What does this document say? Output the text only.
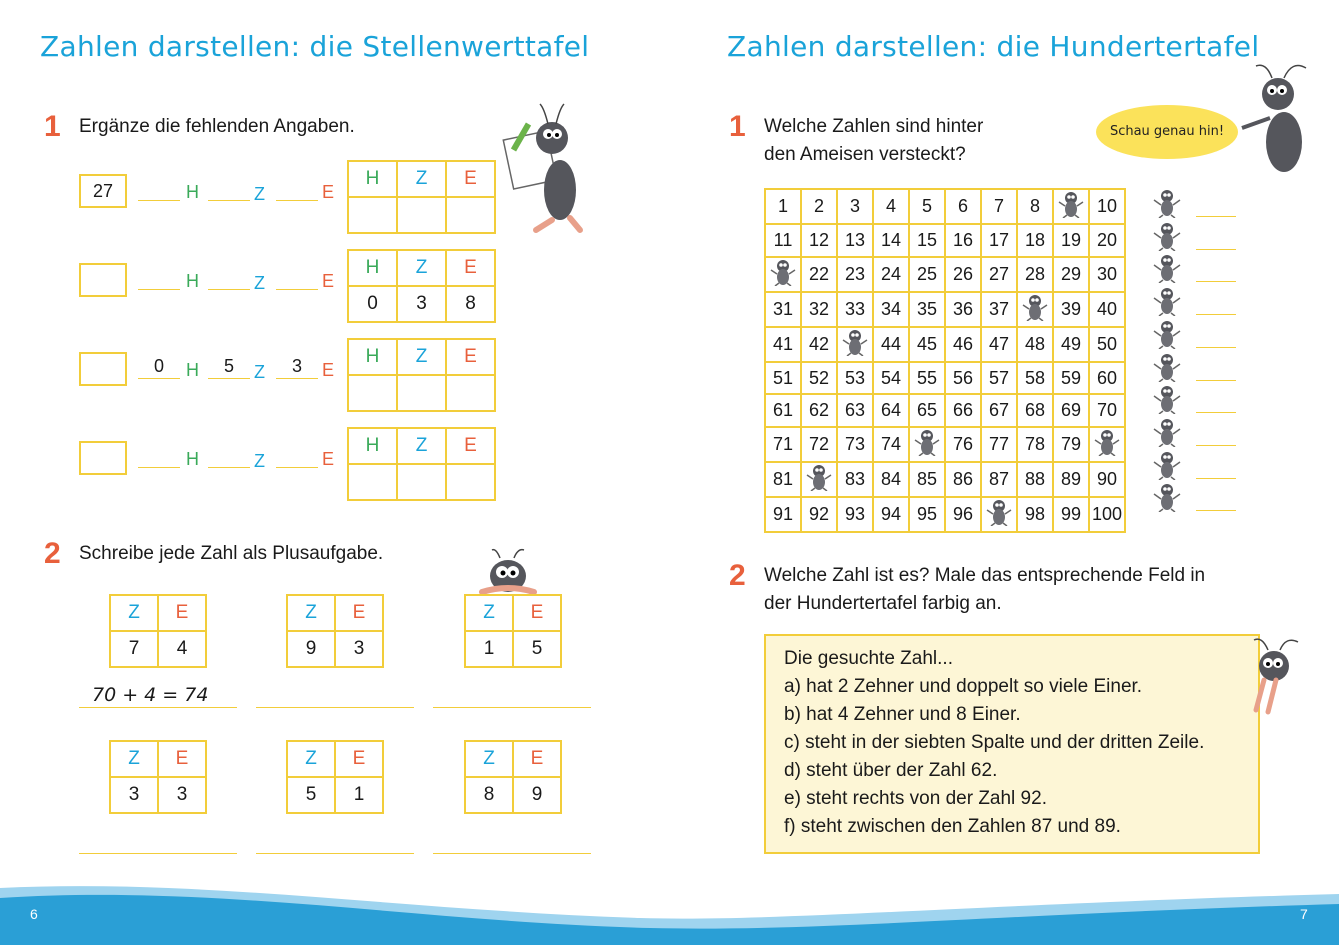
Zahlen darstellen: die Stellenwerttafel
1 Ergänze die fehlenden Angaben.
27	H	Z	E
H	Z	E

H	Z	E
H	Z	E
0	3	8
0	H	5	Z	3	E
H	Z	E

H	Z	E
H	Z	E

2 Schreibe jede Zahl als Plusaufgabe.
Z	E
7	4
Z	E
9	3
Z	E
1	5
70 + 4 = 74
Z	E
3	3
Z	E
5	1
Z	E
8	9
Zahlen darstellen: die Hundertertafel
1 Welche Zahlen sind hinter
den Ameisen versteckt?
Schau genau hin!
1	2	3	4	5	6	7	8		10
11	12	13	14	15	16	17	18	19	20
	22	23	24	25	26	27	28	29	30
31	32	33	34	35	36	37		39	40
41	42		44	45	46	47	48	49	50
51	52	53	54	55	56	57	58	59	60
61	62	63	64	65	66	67	68	69	70
71	72	73	74		76	77	78	79	
81		83	84	85	86	87	88	89	90
91	92	93	94	95	96		98	99	100
2 Welche Zahl ist es? Male das entsprechende Feld in
der Hundertertafel farbig an.
Die gesuchte Zahl...
a) hat 2 Zehner und doppelt so viele Einer.
b) hat 4 Zehner und 8 Einer.
c) steht in der siebten Spalte und der dritten Zeile.
d) steht über der Zahl 62.
e) steht rechts von der Zahl 92.
f) steht zwischen den Zahlen 87 und 89.
6	7
